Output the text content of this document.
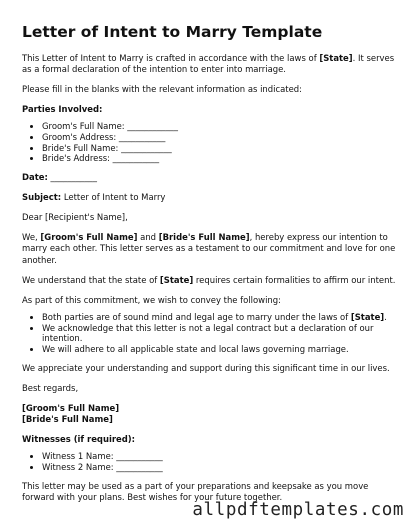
Letter of Intent to Marry Template

This Letter of Intent to Marry is crafted in accordance with the laws of [State]. It serves as a formal declaration of the intention to enter into marriage.

Please fill in the blanks with the relevant information as indicated:

Parties Involved:

• Groom's Full Name: ____________
• Groom's Address: ___________
• Bride's Full Name: ____________
• Bride's Address: ___________

Date: ___________

Subject: Letter of Intent to Marry

Dear [Recipient's Name],

We, [Groom's Full Name] and [Bride's Full Name], hereby express our intention to marry each other. This letter serves as a testament to our commitment and love for one another.

We understand that the state of [State] requires certain formalities to affirm our intent.

As part of this commitment, we wish to convey the following:

• Both parties are of sound mind and legal age to marry under the laws of [State].
• We acknowledge that this letter is not a legal contract but a declaration of our intention.
• We will adhere to all applicable state and local laws governing marriage.

We appreciate your understanding and support during this significant time in our lives.

Best regards,

[Groom's Full Name]
[Bride's Full Name]

Witnesses (if required):

• Witness 1 Name: ___________
• Witness 2 Name: ___________

This letter may be used as a part of your preparations and keepsake as you move forward with your plans. Best wishes for your future together.

allpdftemplates.com
